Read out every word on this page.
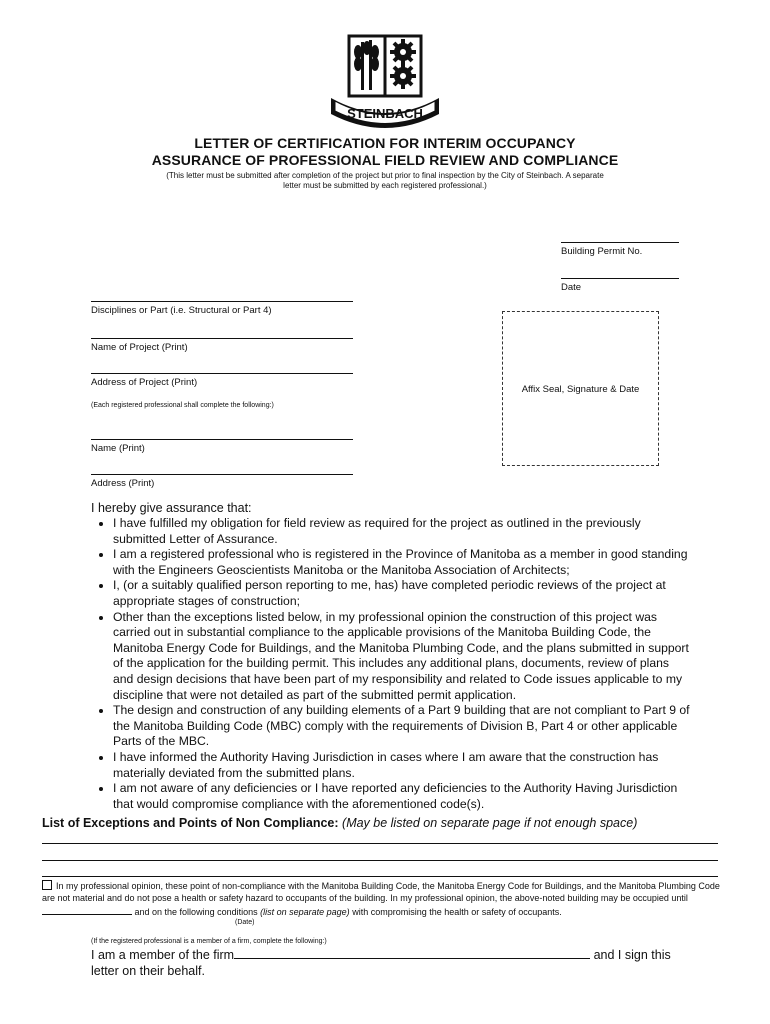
STEINBACH
LETTER OF CERTIFICATION FOR INTERIM OCCUPANCY
ASSURANCE OF PROFESSIONAL FIELD REVIEW AND COMPLIANCE
(This letter must be submitted after completion of the project but prior to final inspection by the City of Steinbach. A separate
letter must be submitted by each registered professional.)
Building Permit No.
Date
Disciplines or Part (i.e. Structural or Part 4)
Name of Project (Print)
Address of Project (Print)
(Each registered professional shall complete the following:)
Name (Print)
Address (Print)
Affix Seal, Signature & Date
I hereby give assurance that:
• I have fulfilled my obligation for field review as required for the project as outlined in the previously submitted Letter of Assurance.
• I am a registered professional who is registered in the Province of Manitoba as a member in good standing with the Engineers Geoscientists Manitoba or the Manitoba Association of Architects;
• I, (or a suitably qualified person reporting to me, has) have completed periodic reviews of the project at appropriate stages of construction;
• Other than the exceptions listed below, in my professional opinion the construction of this project was carried out in substantial compliance to the applicable provisions of the Manitoba Building Code, the Manitoba Energy Code for Buildings, and the Manitoba Plumbing Code, and the plans submitted in support of the application for the building permit. This includes any additional plans, documents, review of plans and design decisions that have been part of my responsibility and related to Code issues applicable to my discipline that were not detailed as part of the submitted permit application.
• The design and construction of any building elements of a Part 9 building that are not compliant to Part 9 of the Manitoba Building Code (MBC) comply with the requirements of Division B, Part 4 or other applicable Parts of the MBC.
• I have informed the Authority Having Jurisdiction in cases where I am aware that the construction has materially deviated from the submitted plans.
• I am not aware of any deficiencies or I have reported any deficiencies to the Authority Having Jurisdiction that would compromise compliance with the aforementioned code(s).
List of Exceptions and Points of Non Compliance: (May be listed on separate page if not enough space)
In my professional opinion, these point of non-compliance with the Manitoba Building Code, the Manitoba Energy Code for Buildings, and the Manitoba Plumbing Code are not material and do not pose a health or safety hazard to occupants of the building. In my professional opinion, the above-noted building may be occupied until  and on the following conditions (list on separate page) with compromising the health or safety of occupants.
(Date)
(If the registered professional is a member of a firm, complete the following:)
I am a member of the firm	and I sign this letter on their behalf.
